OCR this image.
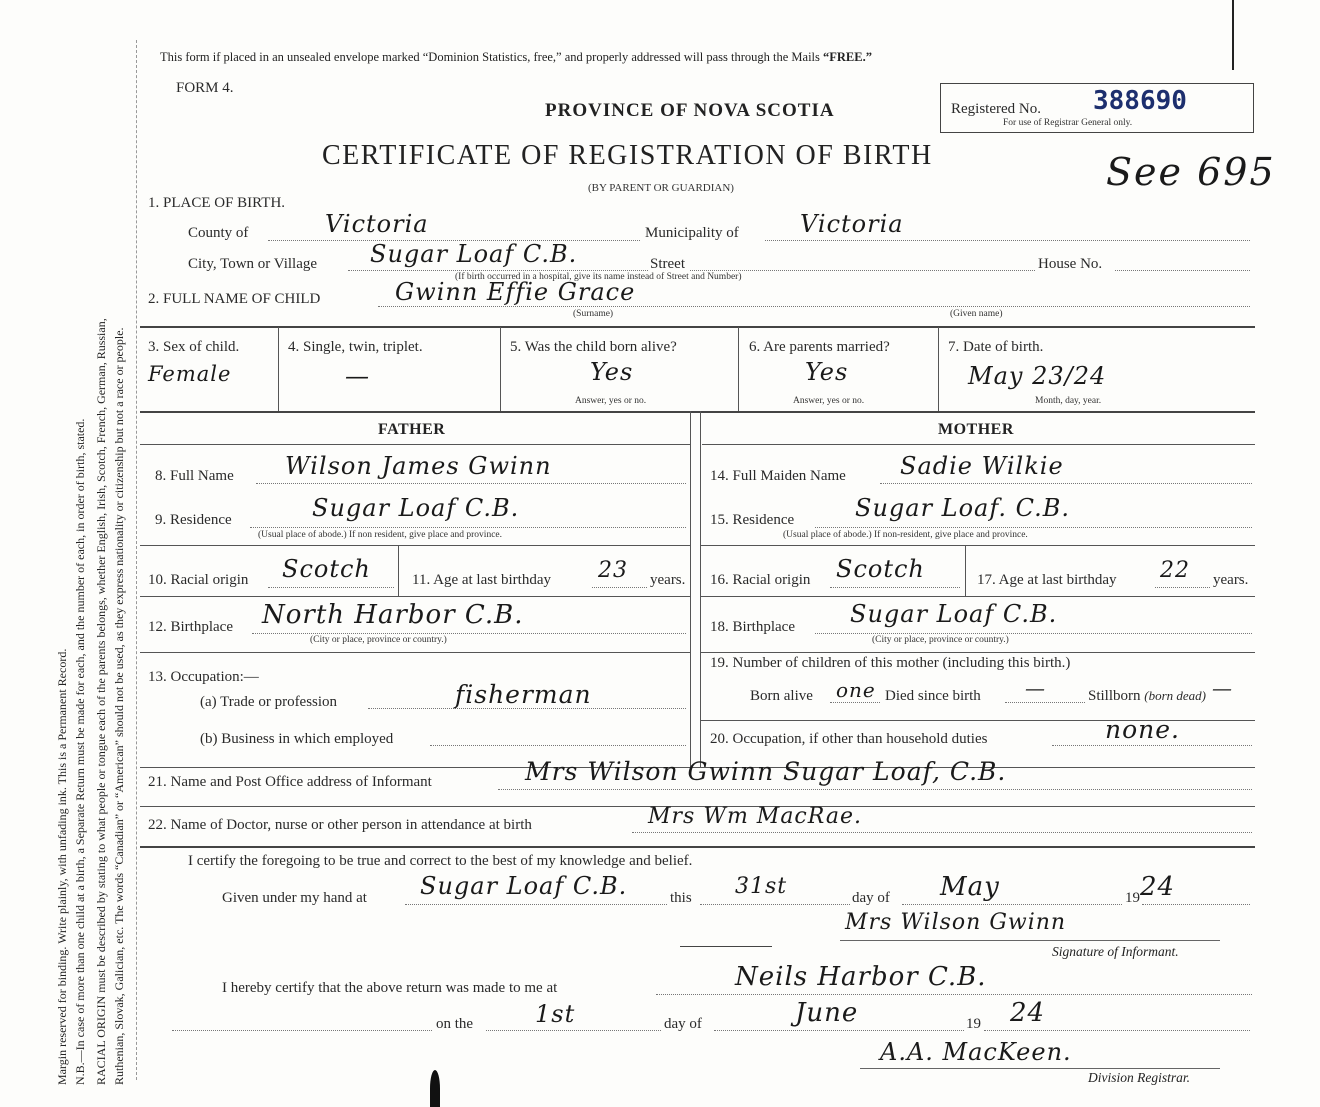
Margin reserved for binding. Write plainly, with unfading ink. This is a Permanent Record. N.B.—In case of more than one child at a birth, a Separate Return must be made for each, and the number of each, in order of birth, stated. RACIAL ORIGIN must be described by stating to what people or tongue each of the parents belongs, whether English, Irish, Scotch, French, German, Russian, Ruthenian, Slovak, Galician, etc. The words “Canadian” or “American” should not be used, as they express nationality or citizenship but not a race or people.
This form if placed in an unsealed envelope marked “Dominion Statistics, free,” and properly addressed will pass through the Mails “FREE.”
FORM 4.
PROVINCE OF NOVA SCOTIA
CERTIFICATE OF REGISTRATION OF BIRTH
(BY PARENT OR GUARDIAN)
Registered No. 388690
For use of Registrar General only.
See 695
1. PLACE OF BIRTH.
County of	Victoria	Municipality of	Victoria
City, Town or Village Sugar Loaf C.B.	Street	House No.
(If birth occurred in a hospital, give its name instead of Street and Number)
2. FULL NAME OF CHILD	Gwinn Effie Grace
(Surname)	(Given name)
3. Sex of child.
Female
4. Single, twin, triplet.
—
5. Was the child born alive?
Yes
Answer, yes or no.
6. Are parents married?
Yes
Answer, yes or no.
7. Date of birth.
May 23/24
Month, day, year.
FATHER	MOTHER
8. Full Name Wilson James Gwinn
9. Residence	Sugar Loaf C.B.
(Usual place of abode.) If non resident, give place and province.
10. Racial origin Scotch	11. Age at last birthday 23 years.
12. Birthplace North Harbor C.B.
(City or place, province or country.)
13. Occupation:—
(a) Trade or profession	fisherman
(b) Business in which employed
14. Full Maiden Name Sadie Wilkie
15. Residence	Sugar Loaf. C.B.
(Usual place of abode.) If non-resident, give place and province.
16. Racial origin Scotch	17. Age at last birthday 22 years.
18. Birthplace Sugar Loaf C.B.
(City or place, province or country.)
19. Number of children of this mother (including this birth.)
Born alive one Died since birth —	Stillborn (born dead) —
20. Occupation, if other than household duties	none.
21. Name and Post Office address of Informant	Mrs Wilson Gwinn Sugar Loaf, C.B.
22. Name of Doctor, nurse or other person in attendance at birth	Mrs Wm MacRae.
I certify the foregoing to be true and correct to the best of my knowledge and belief.
Given under my hand at Sugar Loaf C.B.	this 31st	day of May	19 24
Mrs Wilson Gwinn
Signature of Informant.
I hereby certify that the above return was made to me at	Neils Harbor C.B.
on the	1st	day of	June	19 24
A.A. MacKeen.
Division Registrar.
